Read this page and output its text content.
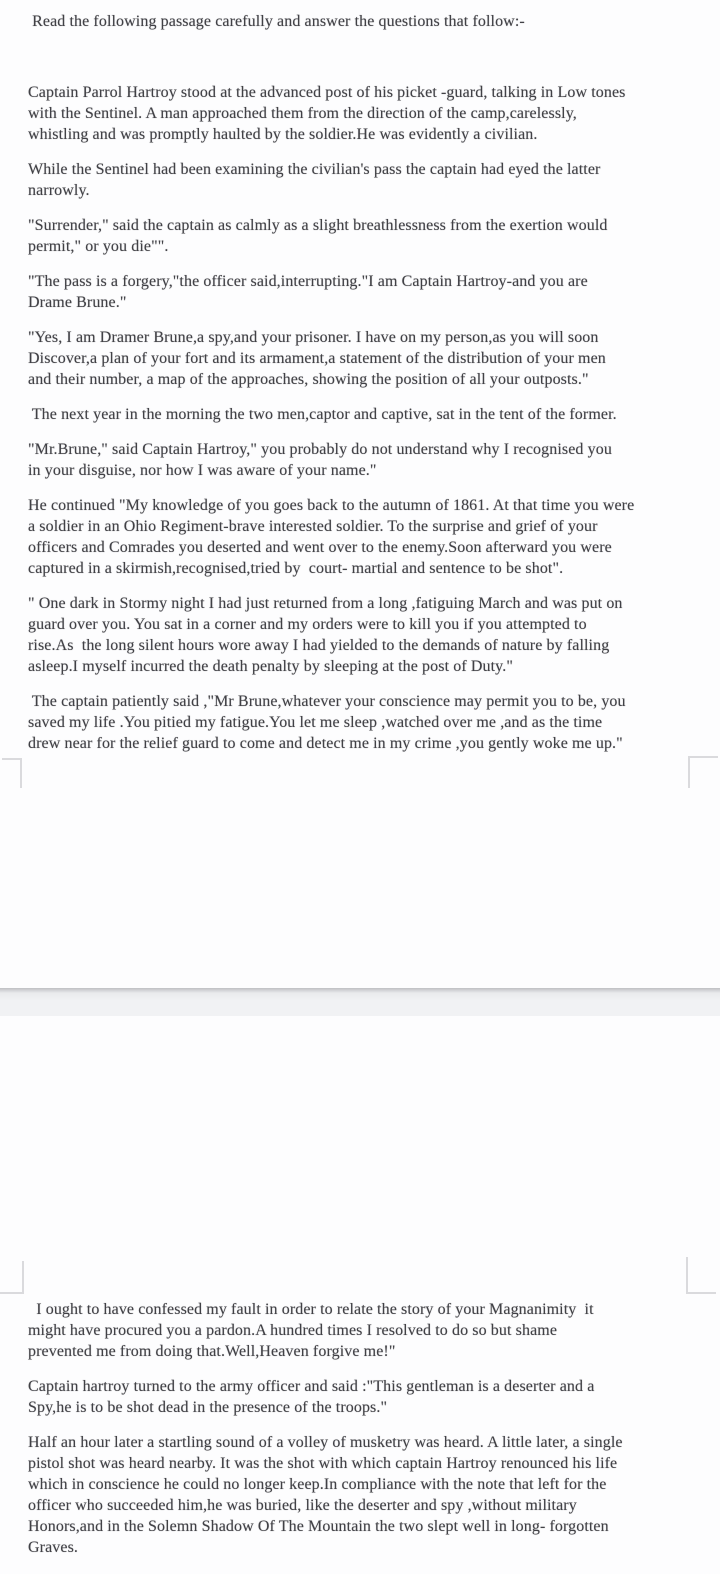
Read the following passage carefully and answer the questions that follow:-

Captain Parrol Hartroy stood at the advanced post of his picket -guard, talking in Low tones
with the Sentinel. A man approached them from the direction of the camp,carelessly,
whistling and was promptly haulted by the soldier.He was evidently a civilian.

While the Sentinel had been examining the civilian's pass the captain had eyed the latter
narrowly.

"Surrender," said the captain as calmly as a slight breathlessness from the exertion would
permit," or you die"".

"The pass is a forgery,"the officer said,interrupting."I am Captain Hartroy-and you are
Drame Brune."

"Yes, I am Dramer Brune,a spy,and your prisoner. I have on my person,as you will soon
Discover,a plan of your fort and its armament,a statement of the distribution of your men
and their number, a map of the approaches, showing the position of all your outposts."

The next year in the morning the two men,captor and captive, sat in the tent of the former.

"Mr.Brune," said Captain Hartroy," you probably do not understand why I recognised you
in your disguise, nor how I was aware of your name."

He continued "My knowledge of you goes back to the autumn of 1861. At that time you were
a soldier in an Ohio Regiment-brave interested soldier. To the surprise and grief of your
officers and Comrades you deserted and went over to the enemy.Soon afterward you were
captured in a skirmish,recognised,tried by  court- martial and sentence to be shot".

" One dark in Stormy night I had just returned from a long ,fatiguing March and was put on
guard over you. You sat in a corner and my orders were to kill you if you attempted to
rise.As  the long silent hours wore away I had yielded to the demands of nature by falling
asleep.I myself incurred the death penalty by sleeping at the post of Duty."

The captain patiently said ,"Mr Brune,whatever your conscience may permit you to be, you
saved my life .You pitied my fatigue.You let me sleep ,watched over me ,and as the time
drew near for the relief guard to come and detect me in my crime ,you gently woke me up."

I ought to have confessed my fault in order to relate the story of your Magnanimity  it
might have procured you a pardon.A hundred times I resolved to do so but shame
prevented me from doing that.Well,Heaven forgive me!"

Captain hartroy turned to the army officer and said :"This gentleman is a deserter and a
Spy,he is to be shot dead in the presence of the troops."

Half an hour later a startling sound of a volley of musketry was heard. A little later, a single
pistol shot was heard nearby. It was the shot with which captain Hartroy renounced his life
which in conscience he could no longer keep.In compliance with the note that left for the
officer who succeeded him,he was buried, like the deserter and spy ,without military
Honors,and in the Solemn Shadow Of The Mountain the two slept well in long- forgotten
Graves.
